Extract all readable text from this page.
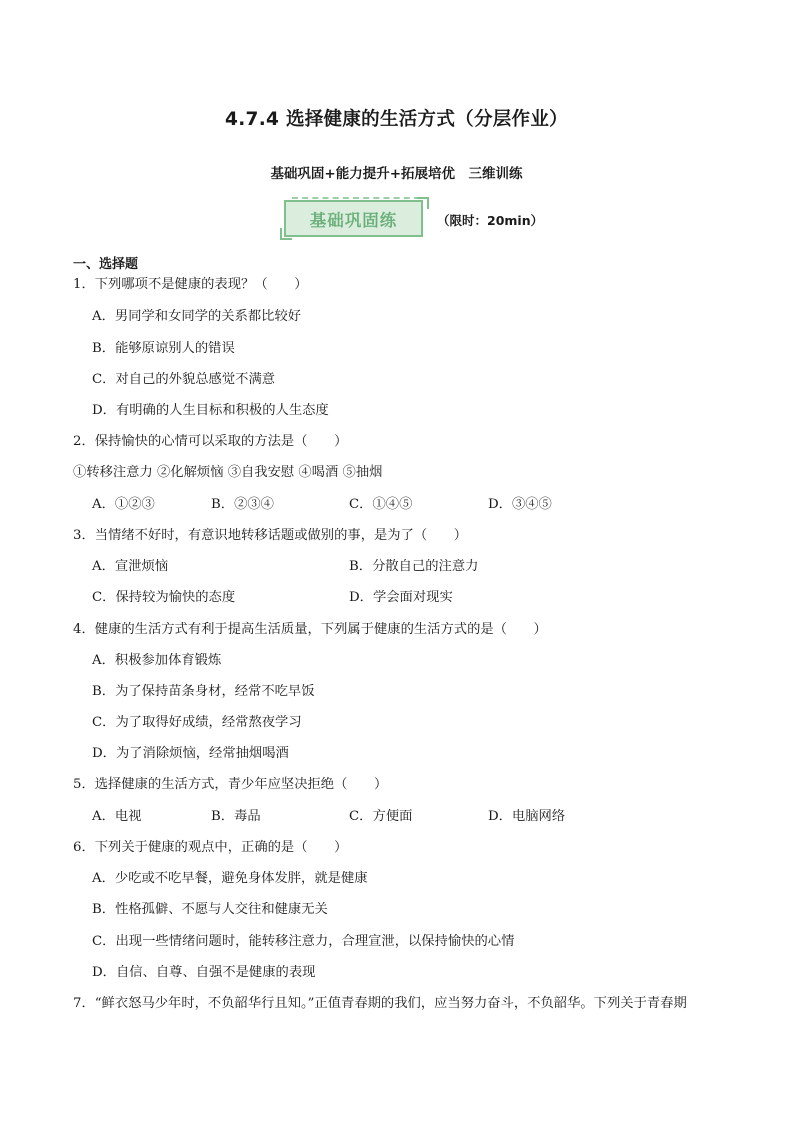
4.7.4 选择健康的生活方式（分层作业）
基础巩固+能力提升+拓展培优　三维训练
基础巩固练	（限时：20min）
一、选择题
1．下列哪项不是健康的表现？（　　）
A．男同学和女同学的关系都比较好
B．能够原谅别人的错误
C．对自己的外貌总感觉不满意
D．有明确的人生目标和积极的人生态度
2．保持愉快的心情可以采取的方法是（　　）
①转移注意力 ②化解烦恼 ③自我安慰 ④喝酒 ⑤抽烟
A．①②③	B．②③④	C．①④⑤	D．③④⑤
3．当情绪不好时，有意识地转移话题或做别的事，是为了（　　）
A．宣泄烦恼	B．分散自己的注意力
C．保持较为愉快的态度	D．学会面对现实
4．健康的生活方式有利于提高生活质量，下列属于健康的生活方式的是（　　）
A．积极参加体育锻炼
B．为了保持苗条身材，经常不吃早饭
C．为了取得好成绩，经常熬夜学习
D．为了消除烦恼，经常抽烟喝酒
5．选择健康的生活方式，青少年应坚决拒绝（　　）
A．电视	B．毒品	C．方便面	D．电脑网络
6．下列关于健康的观点中，正确的是（　　）
A．少吃或不吃早餐，避免身体发胖，就是健康
B．性格孤僻、不愿与人交往和健康无关
C．出现一些情绪问题时，能转移注意力，合理宣泄，以保持愉快的心情
D．自信、自尊、自强不是健康的表现
7．“鲜衣怒马少年时，不负韶华行且知。”正值青春期的我们，应当努力奋斗，不负韶华。下列关于青春期
